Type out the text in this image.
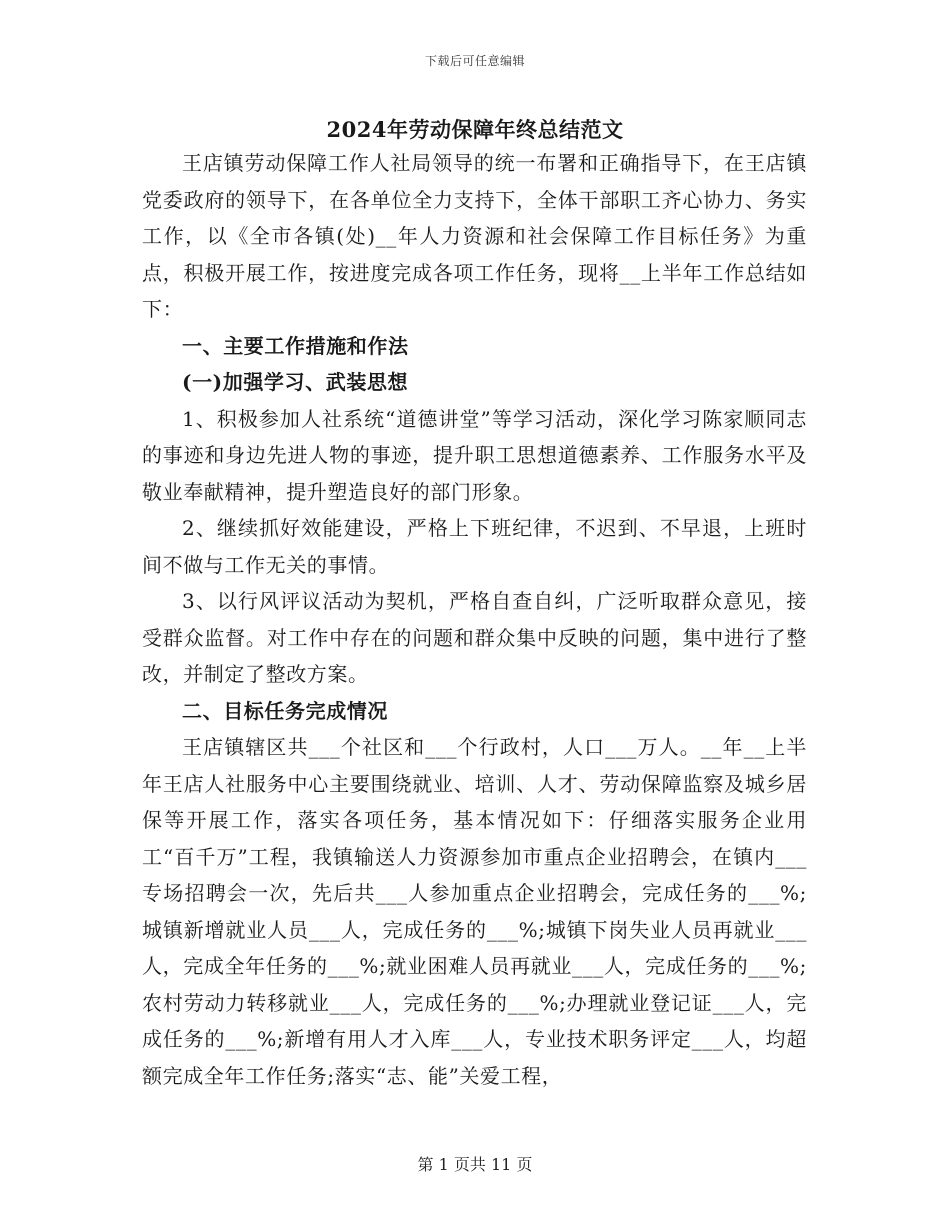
下载后可任意编辑
2024年劳动保障年终总结范文

王店镇劳动保障工作人社局领导的统一布署和正确指导下，在王店镇党委政府的领导下，在各单位全力支持下，全体干部职工齐心协力、务实工作，以《全市各镇(处)__年人力资源和社会保障工作目标任务》为重点，积极开展工作，按进度完成各项工作任务，现将__上半年工作总结如下：

一、主要工作措施和作法

(一)加强学习、武装思想

1、积极参加人社系统“道德讲堂”等学习活动，深化学习陈家顺同志的事迹和身边先进人物的事迹，提升职工思想道德素养、工作服务水平及敬业奉献精神，提升塑造良好的部门形象。

2、继续抓好效能建设，严格上下班纪律，不迟到、不早退，上班时间不做与工作无关的事情。

3、以行风评议活动为契机，严格自查自纠，广泛听取群众意见，接受群众监督。对工作中存在的问题和群众集中反映的问题，集中进行了整改，并制定了整改方案。

二、目标任务完成情况

王店镇辖区共___个社区和___个行政村，人口___万人。__年__上半年王店人社服务中心主要围绕就业、培训、人才、劳动保障监察及城乡居保等开展工作，落实各项任务，基本情况如下：仔细落实服务企业用工“百千万”工程，我镇输送人力资源参加市重点企业招聘会，在镇内___专场招聘会一次，先后共___人参加重点企业招聘会，完成任务的___%;城镇新增就业人员___人，完成任务的___%;城镇下岗失业人员再就业___人，完成全年任务的___%;就业困难人员再就业___人，完成任务的___%;农村劳动力转移就业___人，完成任务的___%;办理就业登记证___人，完成任务的___%;新增有用人才入库___人，专业技术职务评定___人，均超额完成全年工作任务;落实“志、能”关爱工程，

第 1 页共 11 页
